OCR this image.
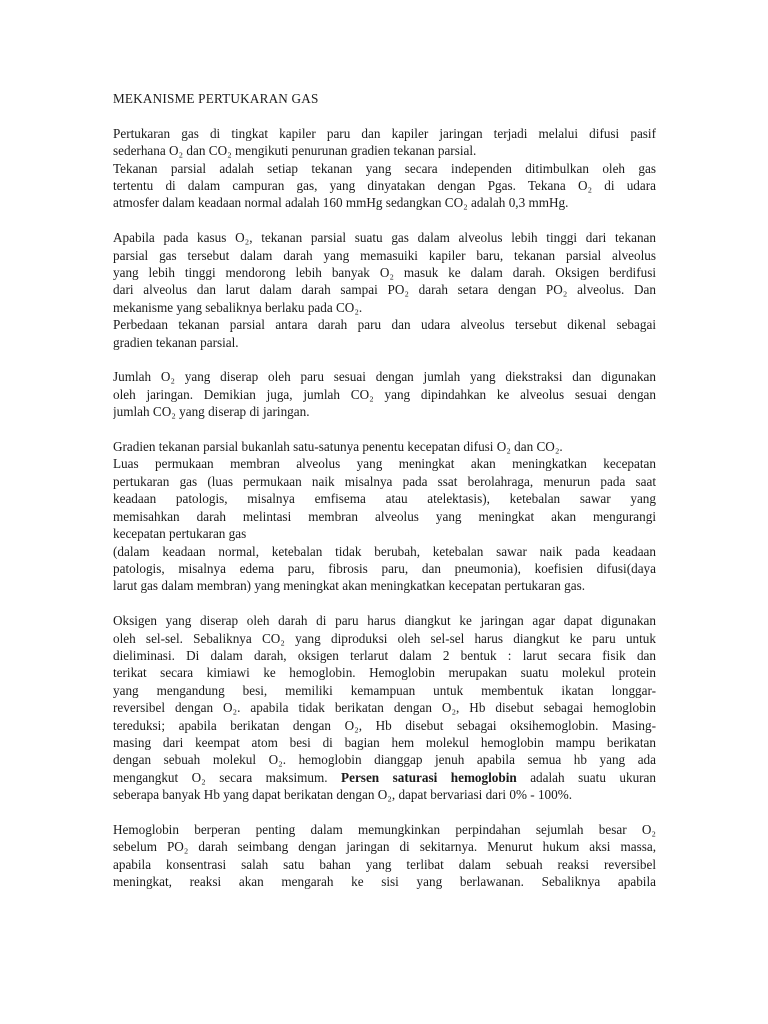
MEKANISME PERTUKARAN GAS
Pertukaran gas di tingkat kapiler paru dan kapiler jaringan terjadi melalui difusi pasif
sederhana O₂ dan CO₂ mengikuti penurunan gradien tekanan parsial.
Tekanan parsial adalah setiap tekanan yang secara independen ditimbulkan oleh gas
tertentu di dalam campuran gas, yang dinyatakan dengan Pgas. Tekana O₂ di udara
atmosfer dalam keadaan normal adalah 160 mmHg sedangkan CO₂ adalah 0,3 mmHg.
Apabila pada kasus O₂, tekanan parsial suatu gas dalam alveolus lebih tinggi dari tekanan
parsial gas tersebut dalam darah yang memasuiki kapiler baru, tekanan parsial alveolus
yang lebih tinggi mendorong lebih banyak O₂ masuk ke dalam darah. Oksigen berdifusi
dari alveolus dan larut dalam darah sampai PO₂ darah setara dengan PO₂ alveolus. Dan
mekanisme yang sebaliknya berlaku pada CO₂.
Perbedaan tekanan parsial antara darah paru dan udara alveolus tersebut dikenal sebagai
gradien tekanan parsial.
Jumlah O₂ yang diserap oleh paru sesuai dengan jumlah yang diekstraksi dan digunakan
oleh jaringan. Demikian juga, jumlah CO₂ yang dipindahkan ke alveolus sesuai dengan
jumlah CO₂ yang diserap di jaringan.
Gradien tekanan parsial bukanlah satu-satunya penentu kecepatan difusi O₂ dan CO₂.
Luas permukaan membran alveolus yang meningkat akan meningkatkan kecepatan
pertukaran gas (luas permukaan naik misalnya pada ssat berolahraga, menurun pada saat
keadaan patologis, misalnya emfisema atau atelektasis), ketebalan sawar yang
memisahkan darah melintasi membran alveolus yang meningkat akan mengurangi
kecepatan pertukaran gas
(dalam keadaan normal, ketebalan tidak berubah, ketebalan sawar naik pada keadaan
patologis, misalnya edema paru, fibrosis paru, dan pneumonia), koefisien difusi(daya
larut gas dalam membran) yang meningkat akan meningkatkan kecepatan pertukaran gas.
Oksigen yang diserap oleh darah di paru harus diangkut ke jaringan agar dapat digunakan
oleh sel-sel. Sebaliknya CO₂ yang diproduksi oleh sel-sel harus diangkut ke paru untuk
dieliminasi. Di dalam darah, oksigen terlarut dalam 2 bentuk : larut secara fisik dan
terikat secara kimiawi ke hemoglobin. Hemoglobin merupakan suatu molekul protein
yang mengandung besi, memiliki kemampuan untuk membentuk ikatan longgar-
reversibel dengan O₂. apabila tidak berikatan dengan O₂, Hb disebut sebagai hemoglobin
tereduksi; apabila berikatan dengan O₂, Hb disebut sebagai oksihemoglobin. Masing-
masing dari keempat atom besi di bagian hem molekul hemoglobin mampu berikatan
dengan sebuah molekul O₂. hemoglobin dianggap jenuh apabila semua hb yang ada
mengangkut O₂ secara maksimum. Persen saturasi hemoglobin adalah suatu ukuran
seberapa banyak Hb yang dapat berikatan dengan O₂, dapat bervariasi dari 0% - 100%.
Hemoglobin berperan penting dalam memungkinkan perpindahan sejumlah besar O₂
sebelum PO₂ darah seimbang dengan jaringan di sekitarnya. Menurut hukum aksi massa,
apabila konsentrasi salah satu bahan yang terlibat dalam sebuah reaksi reversibel
meningkat, reaksi akan mengarah ke sisi yang berlawanan. Sebaliknya apabila
